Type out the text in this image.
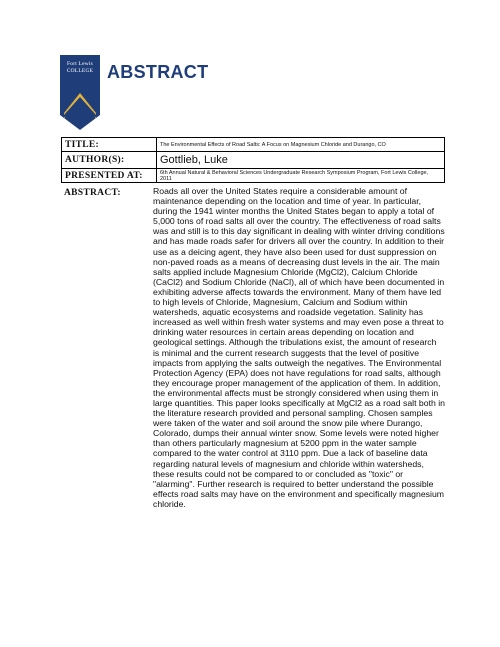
Fort Lewis
COLLEGE ABSTRACT
TITLE:	The Environmental Effects of Road Salts: A Focus on Magnesium Chloride and Durango, CO
AUTHOR(S):	Gottlieb, Luke
PRESENTED AT:	6th Annual Natural & Behavioral Sciences Undergraduate Research Symposium Program, Fort Lewis College, 2011
ABSTRACT:	Roads all over the United States require a considerable amount of maintenance depending on the location and time of year. In particular, during the 1941 winter months the United States began to apply a total of 5,000 tons of road salts all over the country. The effectiveness of road salts was and still is to this day significant in dealing with winter driving conditions and has made roads safer for drivers all over the country. In addition to their use as a deicing agent, they have also been used for dust suppression on non-paved roads as a means of decreasing dust levels in the air. The main salts applied include Magnesium Chloride (MgCl2), Calcium Chloride (CaCl2) and Sodium Chloride (NaCl), all of which have been documented in exhibiting adverse affects towards the environment. Many of them have led to high levels of Chloride, Magnesium, Calcium and Sodium within watersheds, aquatic ecosystems and roadside vegetation. Salinity has increased as well within fresh water systems and may even pose a threat to drinking water resources in certain areas depending on location and geological settings. Although the tribulations exist, the amount of research is minimal and the current research suggests that the level of positive impacts from applying the salts outweigh the negatives. The Environmental Protection Agency (EPA) does not have regulations for road salts, although they encourage proper management of the application of them. In addition, the environmental affects must be strongly considered when using them in large quantities. This paper looks specifically at MgCl2 as a road salt both in the literature research provided and personal sampling. Chosen samples were taken of the water and soil around the snow pile where Durango, Colorado, dumps their annual winter snow. Some levels were noted higher than others particularly magnesium at 5200 ppm in the water sample compared to the water control at 3110 ppm. Due a lack of baseline data regarding natural levels of magnesium and chloride within watersheds, these results could not be compared to or concluded as "toxic" or "alarming". Further research is required to better understand the possible effects road salts may have on the environment and specifically magnesium chloride.
